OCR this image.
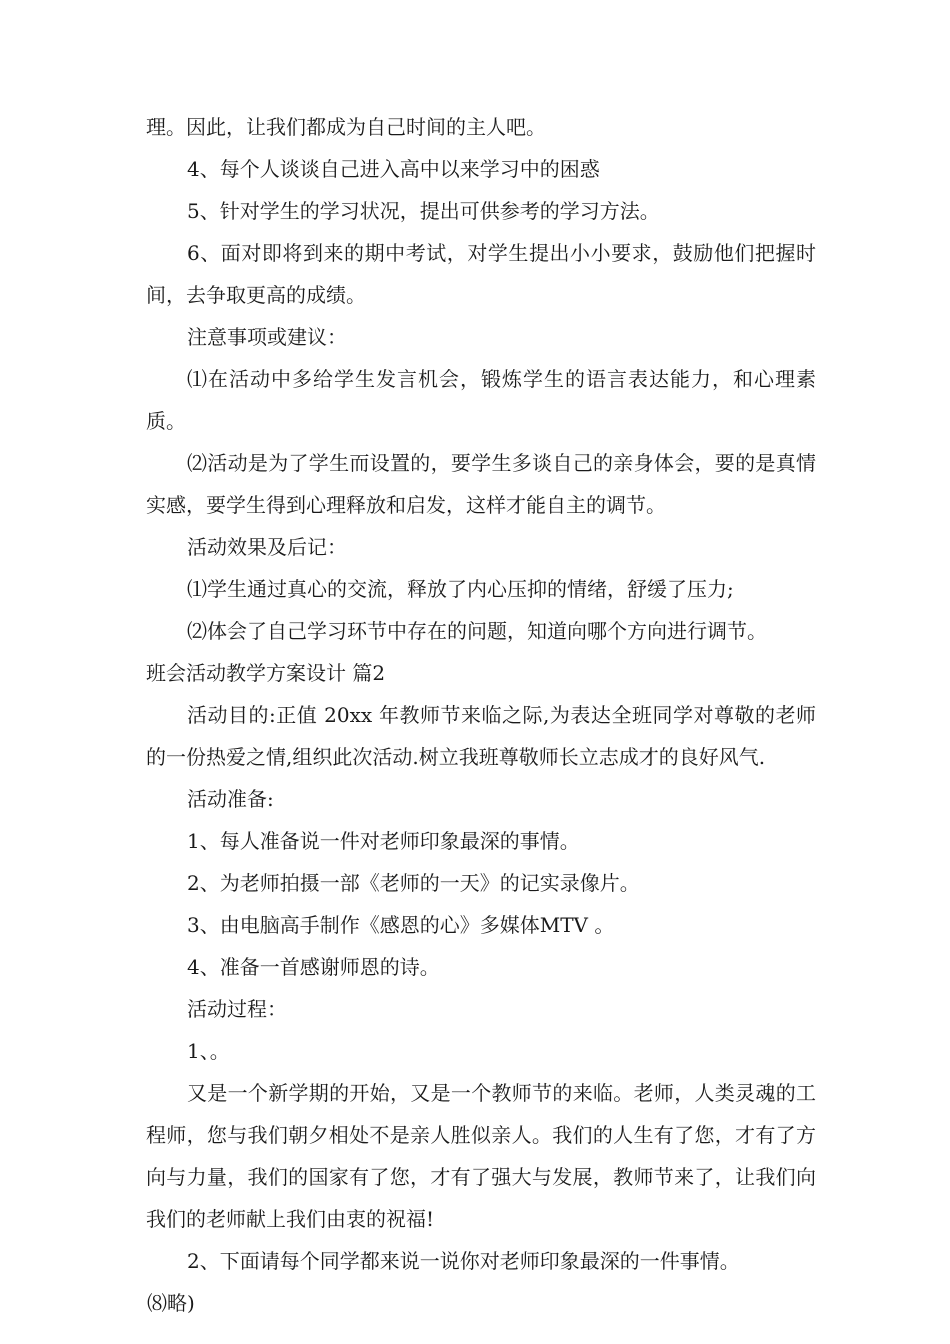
理。因此，让我们都成为自己时间的主人吧。

4、每个人谈谈自己进入高中以来学习中的困惑

5、针对学生的学习状况，提出可供参考的学习方法。

6、面对即将到来的期中考试，对学生提出小小要求，鼓励他们把握时间，去争取更高的成绩。

注意事项或建议：

⑴在活动中多给学生发言机会，锻炼学生的语言表达能力，和心理素质。

⑵活动是为了学生而设置的，要学生多谈自己的亲身体会，要的是真情实感，要学生得到心理释放和启发，这样才能自主的调节。

活动效果及后记：

⑴学生通过真心的交流，释放了内心压抑的情绪，舒缓了压力;

⑵体会了自己学习环节中存在的问题，知道向哪个方向进行调节。

班会活动教学方案设计 篇2

活动目的:正值 20xx 年教师节来临之际,为表达全班同学对尊敬的老师的一份热爱之情,组织此次活动.树立我班尊敬师长立志成才的良好风气.

活动准备:

1、每人准备说一件对老师印象最深的事情。

2、为老师拍摄一部《老师的一天》的记实录像片。

3、由电脑高手制作《感恩的心》多媒体MTV 。

4、准备一首感谢师恩的诗。

活动过程：

1、。

又是一个新学期的开始，又是一个教师节的来临。老师，人类灵魂的工程师，您与我们朝夕相处不是亲人胜似亲人。我们的人生有了您，才有了方向与力量，我们的国家有了您，才有了强大与发展，教师节来了，让我们向我们的老师献上我们由衷的祝福!

2、下面请每个同学都来说一说你对老师印象最深的一件事情。

⑻略)
